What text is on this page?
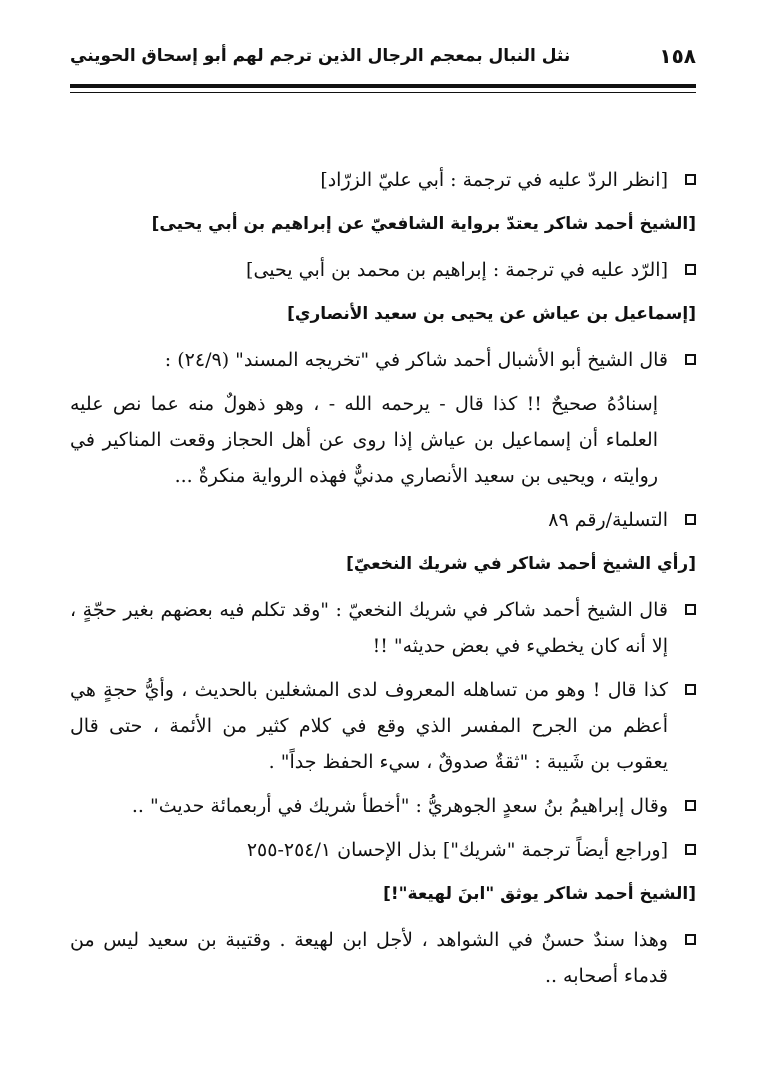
١٥٨
نثل النبال بمعجم الرجال الذين ترجم لهم أبو إسحاق الحويني

[انظر الردّ عليه في ترجمة : أبي عليّ الزرّاد]

[الشيخ أحمد شاكر يعتدّ برواية الشافعيّ عن إبراهيم بن أبي يحيى]

[الرّد عليه في ترجمة : إبراهيم بن محمد بن أبي يحيى]

[إسماعيل بن عياش عن يحيى بن سعيد الأنصاري]

قال الشيخ أبو الأشبال أحمد شاكر في "تخريجه المسند" (٢٤/٩) :

إسنادُهُ صحيحٌ !! كذا قال - يرحمه الله - ، وهو ذهولٌ منه عما نص عليه العلماء أن إسماعيل بن عياش إذا روى عن أهل الحجاز وقعت المناكير في روايته ، ويحيى بن سعيد الأنصاري مدنيٌّ فهذه الرواية منكرةٌ ...

التسلية/رقم ٨٩

[رأي الشيخ أحمد شاكر في شريك النخعيّ]

قال الشيخ أحمد شاكر في شريك النخعيّ : "وقد تكلم فيه بعضهم بغير حجّةٍ ، إلا أنه كان يخطيء في بعض حديثه" !!

كذا قال ! وهو من تساهله المعروف لدى المشغلين بالحديث ، وأيُّ حجةٍ هي أعظم من الجرح المفسر الذي وقع في كلام كثير من الأئمة ، حتى قال يعقوب بن شَيبة : "ثقةٌ صدوقٌ ، سيء الحفظ جداً" .

وقال إبراهيمُ بنُ سعدٍ الجوهريُّ : "أخطأ شريك في أربعمائة حديث" ..

[وراجع أيضاً ترجمة "شريك"] بذل الإحسان ٢٥٤/١-٢٥٥

[الشيخ أحمد شاكر يوثق "ابنَ لهيعة"!]

وهذا سندٌ حسنٌ في الشواهد ، لأجل ابن لهيعة . وقتيبة بن سعيد ليس من قدماء أصحابه ..
